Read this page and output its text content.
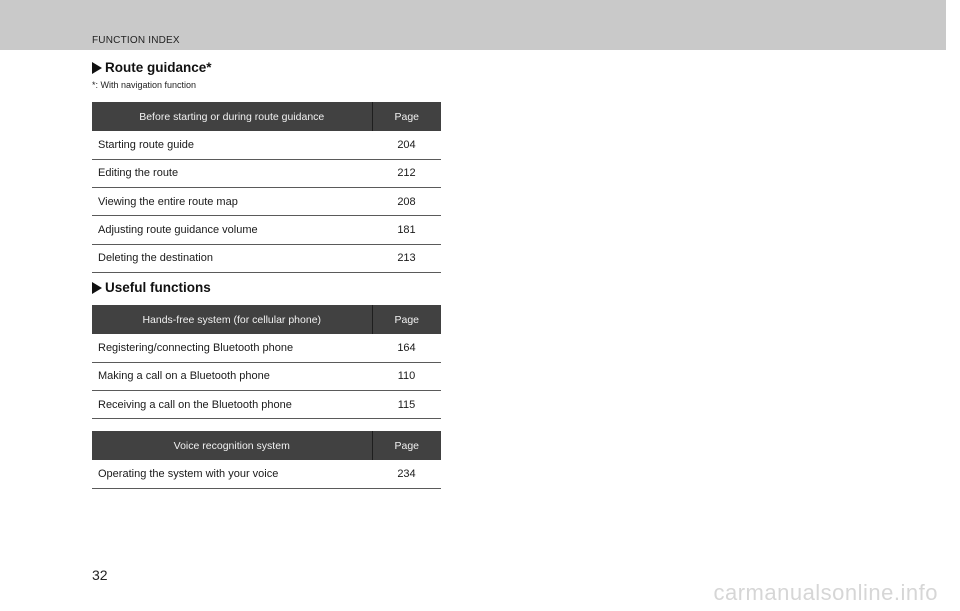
FUNCTION INDEX
Route guidance*
*: With navigation function
Before starting or during route guidance	Page
Starting route guide	204
Editing the route	212
Viewing the entire route map	208
Adjusting route guidance volume	181
Deleting the destination	213
Useful functions
Hands-free system (for cellular phone)	Page
Registering/connecting Bluetooth phone	164
Making a call on a Bluetooth phone	110
Receiving a call on the Bluetooth phone	115
Voice recognition system	Page
Operating the system with your voice	234
32
carmanualsonline.info
